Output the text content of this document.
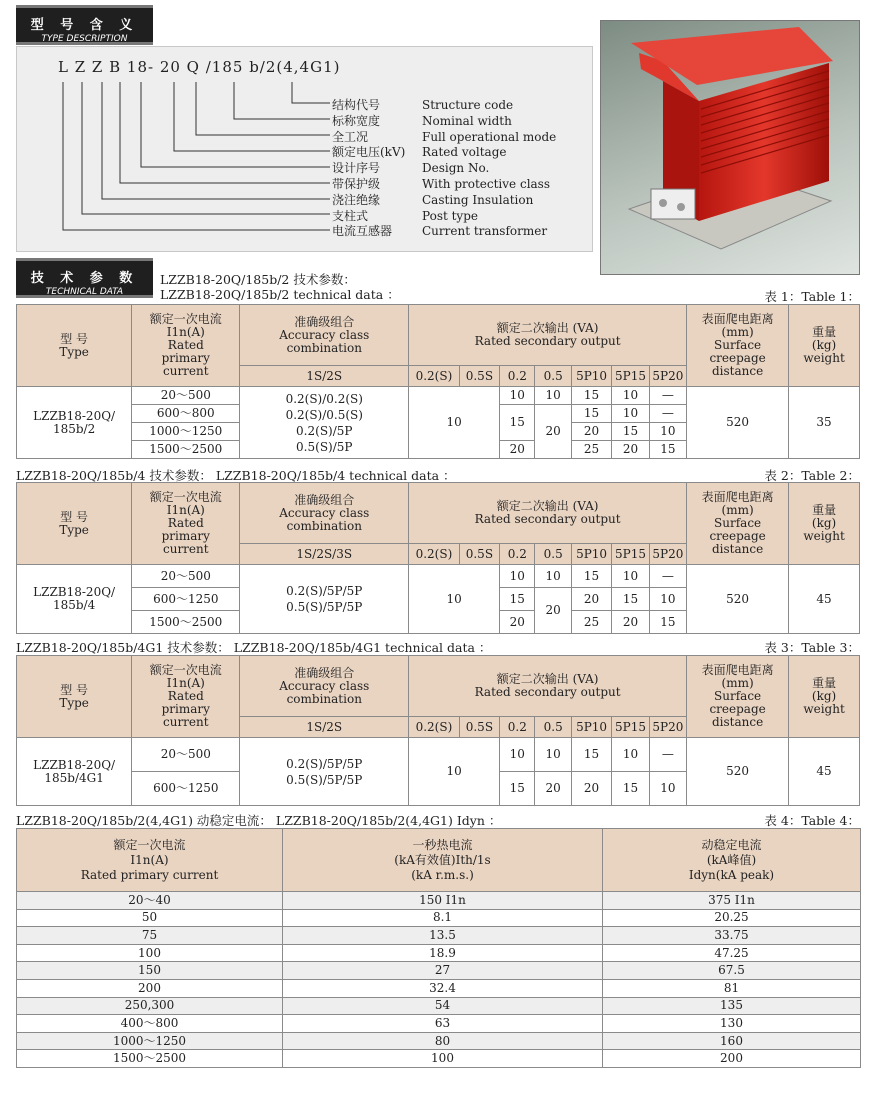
型 号 含 义
TYPE DESCRIPTION
L Z Z B 18- 20 Q /185 b/2(4,4G1)
结构代号	Structure code
标称宽度	Nominal width
全工况	Full operational mode
额定电压(kV) Rated voltage
设计序号	Design No.
带保护级	With protective class
浇注绝缘	Casting Insulation
支柱式	Post type
电流互感器 Current transformer
技 术 参 数
TECHNICAL DATA
LZZB18-20Q/185b/2 技术参数：
LZZB18-20Q/185b/2 technical data ：	表 1：Table 1：
型 号
Type	额定一次电流
I1n(A)
Rated
primary
current	准确级组合
Accuracy class
combination	额定二次输出 (VA)
Rated secondary output							表面爬电距离
(mm)
Surface
creepage
distance	重量
(kg)
weight
		1S/2S	0.2(S)	0.5S	0.2	0.5	5P10	5P15	5P20		
LZZB18-20Q/
185b/2	20～500	0.2(S)/0.2(S)
0.2(S)/0.5(S)
0.2(S)/5P
0.5(S)/5P	10		10	10	15	10	—	520	35
	600～800				15	20	15	10	—		
	1000～1250						20	15	10		
	1500～2500				20		25	20	15		
LZZB18-20Q/185b/4 技术参数： LZZB18-20Q/185b/4 technical data ：	表 2：Table 2：
型 号
Type	额定一次电流
I1n(A)
Rated
primary
current	准确级组合
Accuracy class
combination	额定二次输出 (VA)
Rated secondary output							表面爬电距离
(mm)
Surface
creepage
distance	重量
(kg)
weight
		1S/2S/3S	0.2(S)	0.5S	0.2	0.5	5P10	5P15	5P20		
LZZB18-20Q/
185b/4	20～500	0.2(S)/5P/5P
0.5(S)/5P/5P	10		10	10	15	10	—	520	45
	600～1250				15	20	20	15	10		
	1500～2500				20		25	20	15		
LZZB18-20Q/185b/4G1 技术参数： LZZB18-20Q/185b/4G1 technical data ：	表 3：Table 3：
型 号
Type	额定一次电流
I1n(A)
Rated
primary
current	准确级组合
Accuracy class
combination	额定二次输出 (VA)
Rated secondary output							表面爬电距离
(mm)
Surface
creepage
distance	重量
(kg)
weight
		1S/2S	0.2(S)	0.5S	0.2	0.5	5P10	5P15	5P20		
LZZB18-20Q/
185b/4G1	20～500	0.2(S)/5P/5P
0.5(S)/5P/5P	10		10	10	15	10	—	520	45
	600～1250				15	20	20	15	10		
LZZB18-20Q/185b/2(4,4G1) 动稳定电流： LZZB18-20Q/185b/2(4,4G1) Idyn ：	表 4：Table 4：
额定一次电流
I1n(A)
Rated primary current	一秒热电流
(kA有效值)Ith/1s
(kA r.m.s.)	动稳定电流
(kA峰值)
Idyn(kA peak)
20～40	150 I1n	375 I1n
50	8.1	20.25
75	13.5	33.75
100	18.9	47.25
150	27	67.5
200	32.4	81
250,300	54	135
400～800	63	130
1000～1250	80	160
1500～2500	100	200
